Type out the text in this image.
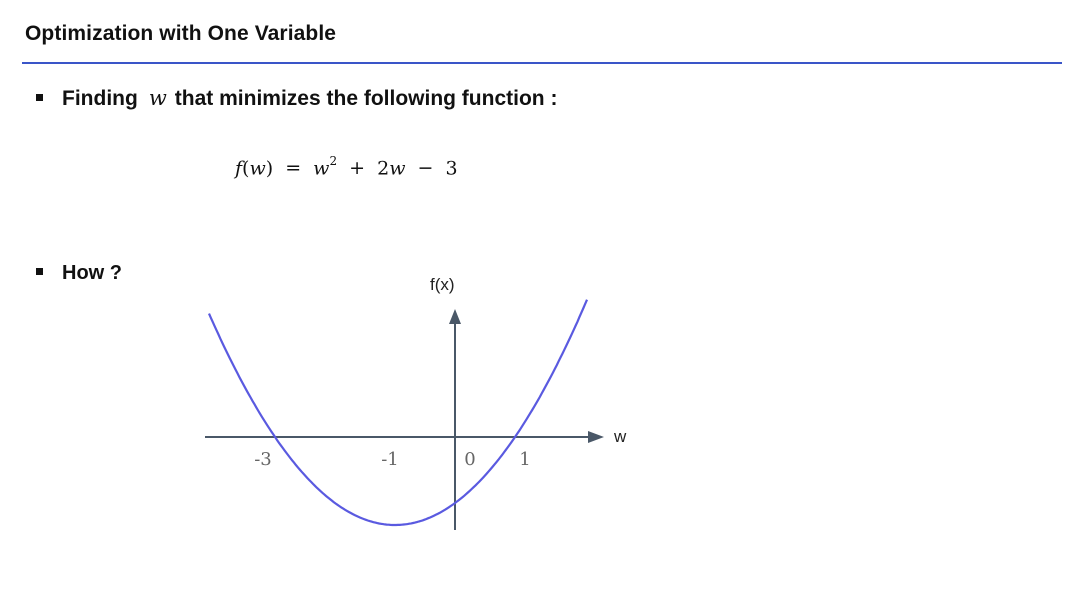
Optimization with One Variable
Finding w that minimizes the following function :
$f(w) = w^2 + 2w - 3$
How ?
-3	-1	0 1
w
f(x)
